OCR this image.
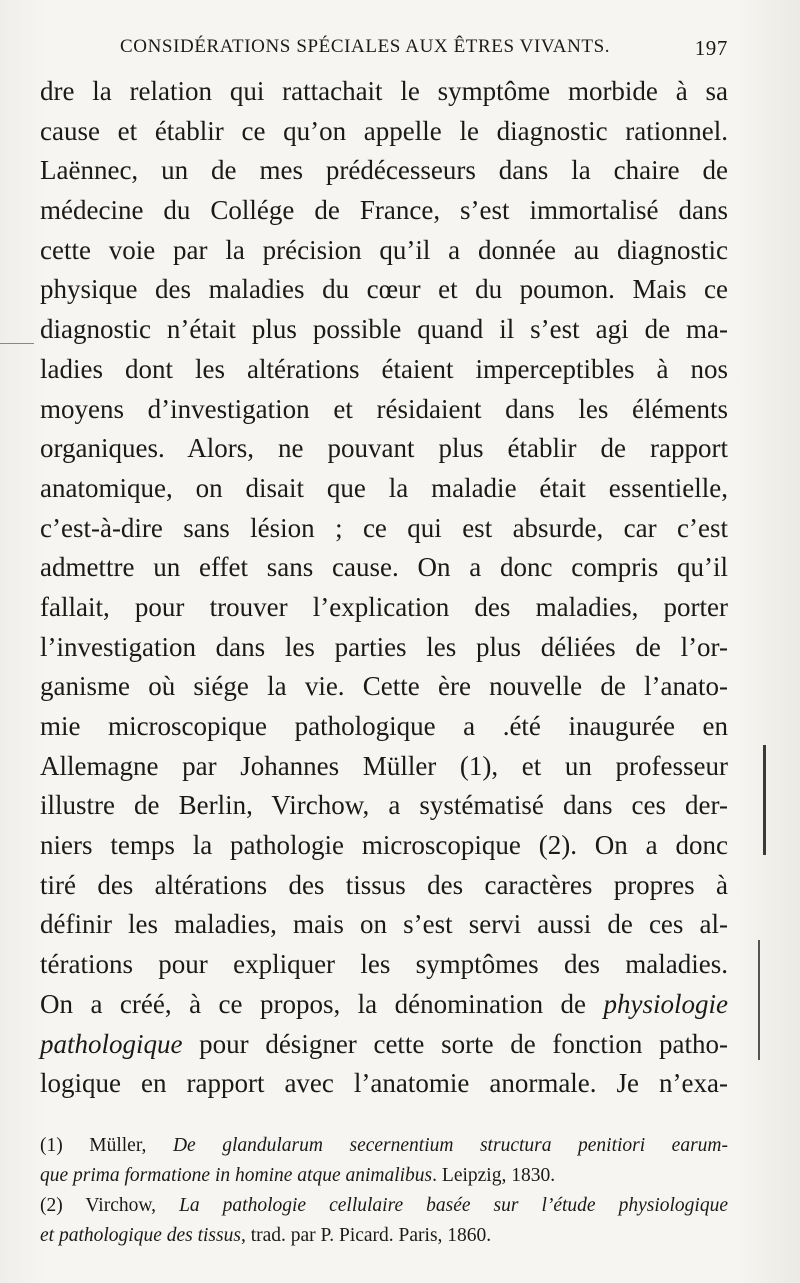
CONSIDÉRATIONS SPÉCIALES AUX ÊTRES VIVANTS.	197
dre la relation qui rattachait le symptôme morbide à sa
cause et établir ce qu’on appelle le diagnostic rationnel.
Laënnec, un de mes prédécesseurs dans la chaire de
médecine du Collége de France, s’est immortalisé dans
cette voie par la précision qu’il a donnée au diagnostic
physique des maladies du cœur et du poumon. Mais ce
diagnostic n’était plus possible quand il s’est agi de ma-
ladies dont les altérations étaient imperceptibles à nos
moyens d’investigation et résidaient dans les éléments
organiques. Alors, ne pouvant plus établir de rapport
anatomique, on disait que la maladie était essentielle,
c’est-à-dire sans lésion ; ce qui est absurde, car c’est
admettre un effet sans cause. On a donc compris qu’il
fallait, pour trouver l’explication des maladies, porter
l’investigation dans les parties les plus déliées de l’or-
ganisme où siége la vie. Cette ère nouvelle de l’anato-
mie microscopique pathologique a .été inaugurée en
Allemagne par Johannes Müller (1), et un professeur
illustre de Berlin, Virchow, a systématisé dans ces der-
niers temps la pathologie microscopique (2). On a donc
tiré des altérations des tissus des caractères propres à
définir les maladies, mais on s’est servi aussi de ces al-
térations pour expliquer les symptômes des maladies.
On a créé, à ce propos, la dénomination de physiologie
pathologique pour désigner cette sorte de fonction patho-
logique en rapport avec l’anatomie anormale. Je n’exa-
(1) Müller, De glandularum secernentium structura penitiori earum-
que prima formatione in homine atque animalibus. Leipzig, 1830.
(2) Virchow, La pathologie cellulaire basée sur l’étude physiologique
et pathologique des tissus, trad. par P. Picard. Paris, 1860.
